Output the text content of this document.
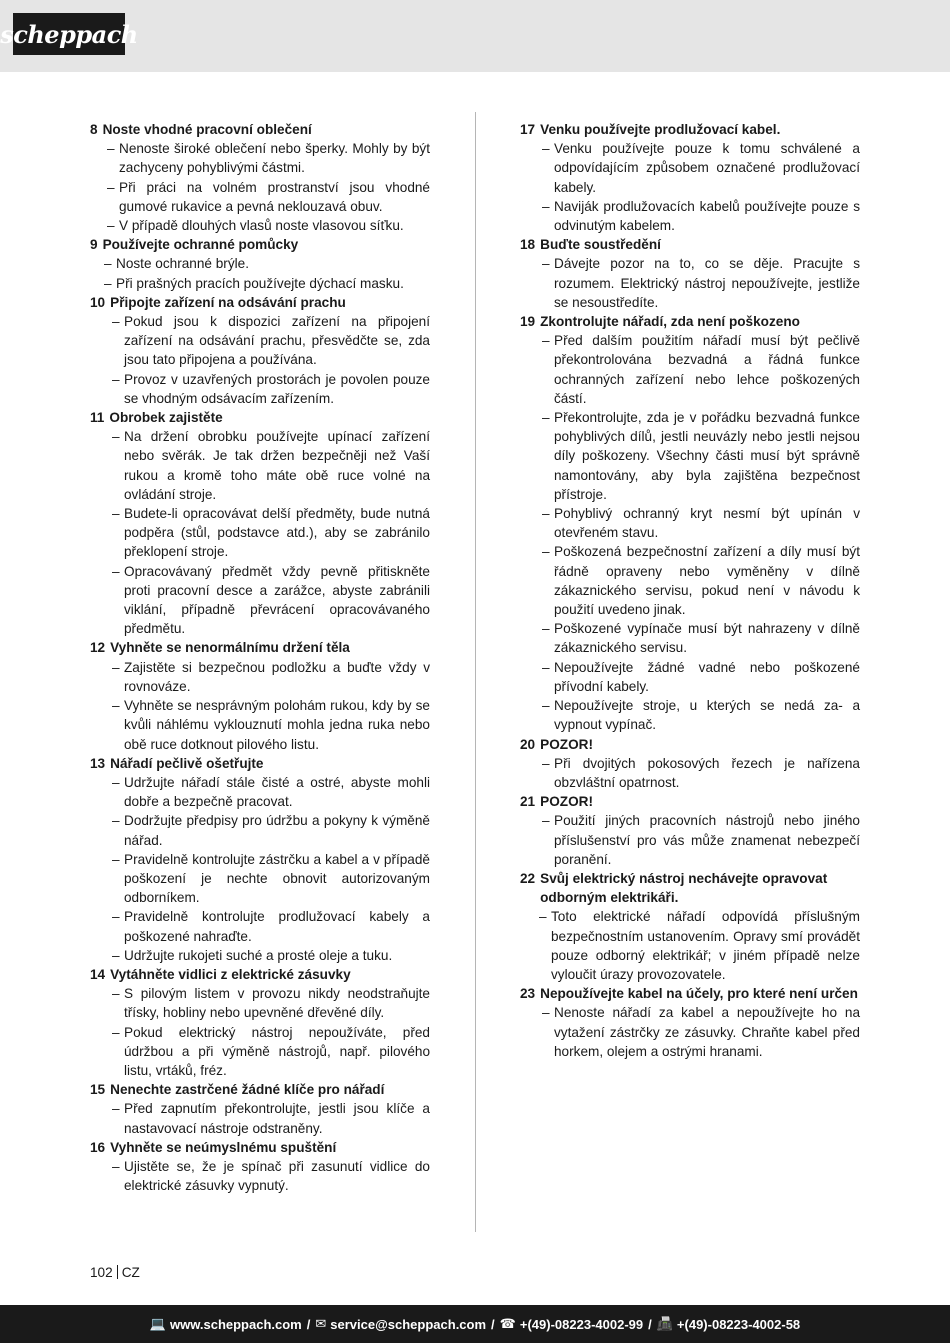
scheppach
8 Noste vhodné pracovní oblečení
– Nenoste široké oblečení nebo šperky. Mohly by být zachyceny pohyblivými částmi.
– Při práci na volném prostranství jsou vhodné gumové rukavice a pevná neklouzavá obuv.
– V případě dlouhých vlasů noste vlasovou síťku.
9 Používejte ochranné pomůcky
– Noste ochranné brýle.
– Při prašných pracích používejte dýchací masku.
10 Připojte zařízení na odsávání prachu
– Pokud jsou k dispozici zařízení na připojení zařízení na odsávání prachu, přesvědčte se, zda jsou tato připojena a používána.
– Provoz v uzavřených prostorách je povolen pouze se vhodným odsávacím zařízením.
11 Obrobek zajistěte
– Na držení obrobku používejte upínací zařízení nebo svěrák. Je tak držen bezpečněji než Vaší rukou a kromě toho máte obě ruce volné na ovládání stroje.
– Budete-li opracovávat delší předměty, bude nutná podpěra (stůl, podstavce atd.), aby se zabránilo překlopení stroje.
– Opracovávaný předmět vždy pevně přitiskněte proti pracovní desce a zarážce, abyste zabránili viklání, případně převrácení opracovávaného předmětu.
12 Vyhněte se nenormálnímu držení těla
– Zajistěte si bezpečnou podložku a buďte vždy v rovnováze.
– Vyhněte se nesprávným polohám rukou, kdy by se kvůli náhlému vyklouznutí mohla jedna ruka nebo obě ruce dotknout pilového listu.
13 Nářadí pečlivě ošetřujte
– Udržujte nářadí stále čisté a ostré, abyste mohli dobře a bezpečně pracovat.
– Dodržujte předpisy pro údržbu a pokyny k výměně nářad.
– Pravidelně kontrolujte zástrčku a kabel a v případě poškození je nechte obnovit autorizovaným odborníkem.
– Pravidelně kontrolujte prodlužovací kabely a poškozené nahraďte.
– Udržujte rukojeti suché a prosté oleje a tuku.
14 Vytáhněte vidlici z elektrické zásuvky
– S pilovým listem v provozu nikdy neodstraňujte třísky, hobliny nebo upevněné dřevěné díly.
– Pokud elektrický nástroj nepoužíváte, před údržbou a při výměně nástrojů, např. pilového listu, vrtáků, fréz.
15 Nenechte zastrčené žádné klíče pro nářadí
– Před zapnutím překontrolujte, jestli jsou klíče a nastavovací nástroje odstraněny.
16 Vyhněte se neúmyslnému spuštění
– Ujistěte se, že je spínač při zasunutí vidlice do elektrické zásuvky vypnutý.
17 Venku používejte prodlužovací kabel.
– Venku používejte pouze k tomu schválené a odpovídajícím způsobem označené prodlužovací kabely.
– Naviják prodlužovacích kabelů používejte pouze s odvinutým kabelem.
18 Buďte soustředění
– Dávejte pozor na to, co se děje. Pracujte s rozumem. Elektrický nástroj nepoužívejte, jestliže se nesoustředíte.
19 Zkontrolujte nářadí, zda není poškozeno
– Před dalším použitím nářadí musí být pečlivě překontrolována bezvadná a řádná funkce ochranných zařízení nebo lehce poškozených částí.
– Překontrolujte, zda je v pořádku bezvadná funkce pohyblivých dílů, jestli neuvázly nebo jestli nejsou díly poškozeny. Všechny části musí být správně namontovány, aby byla zajištěna bezpečnost přístroje.
– Pohyblivý ochranný kryt nesmí být upínán v otevřeném stavu.
– Poškozená bezpečnostní zařízení a díly musí být řádně opraveny nebo vyměněny v dílně zákaznického servisu, pokud není v návodu k použití uvedeno jinak.
– Poškozené vypínače musí být nahrazeny v dílně zákaznického servisu.
– Nepoužívejte žádné vadné nebo poškozené přívodní kabely.
– Nepoužívejte stroje, u kterých se nedá za- a vypnout vypínač.
20 POZOR!
– Při dvojitých pokosových řezech je nařízena obzvláštní opatrnost.
21 POZOR!
– Použití jiných pracovních nástrojů nebo jiného příslušenství pro vás může znamenat nebezpečí poranění.
22 Svůj elektrický nástroj nechávejte opravovat odborným elektrikáři.
– Toto elektrické nářadí odpovídá příslušným bezpečnostním ustanovením. Opravy smí provádět pouze odborný elektrikář; v jiném případě nelze vyloučit úrazy provozovatele.
23 Nepoužívejte kabel na účely, pro které není určen
– Nenoste nářadí za kabel a nepoužívejte ho na vytažení zástrčky ze zásuvky. Chraňte kabel před horkem, olejem a ostrými hranami.
102 CZ
💻 www.scheppach.com / ✉ service@scheppach.com / ☎ +(49)-08223-4002-99 / 📠 +(49)-08223-4002-58
